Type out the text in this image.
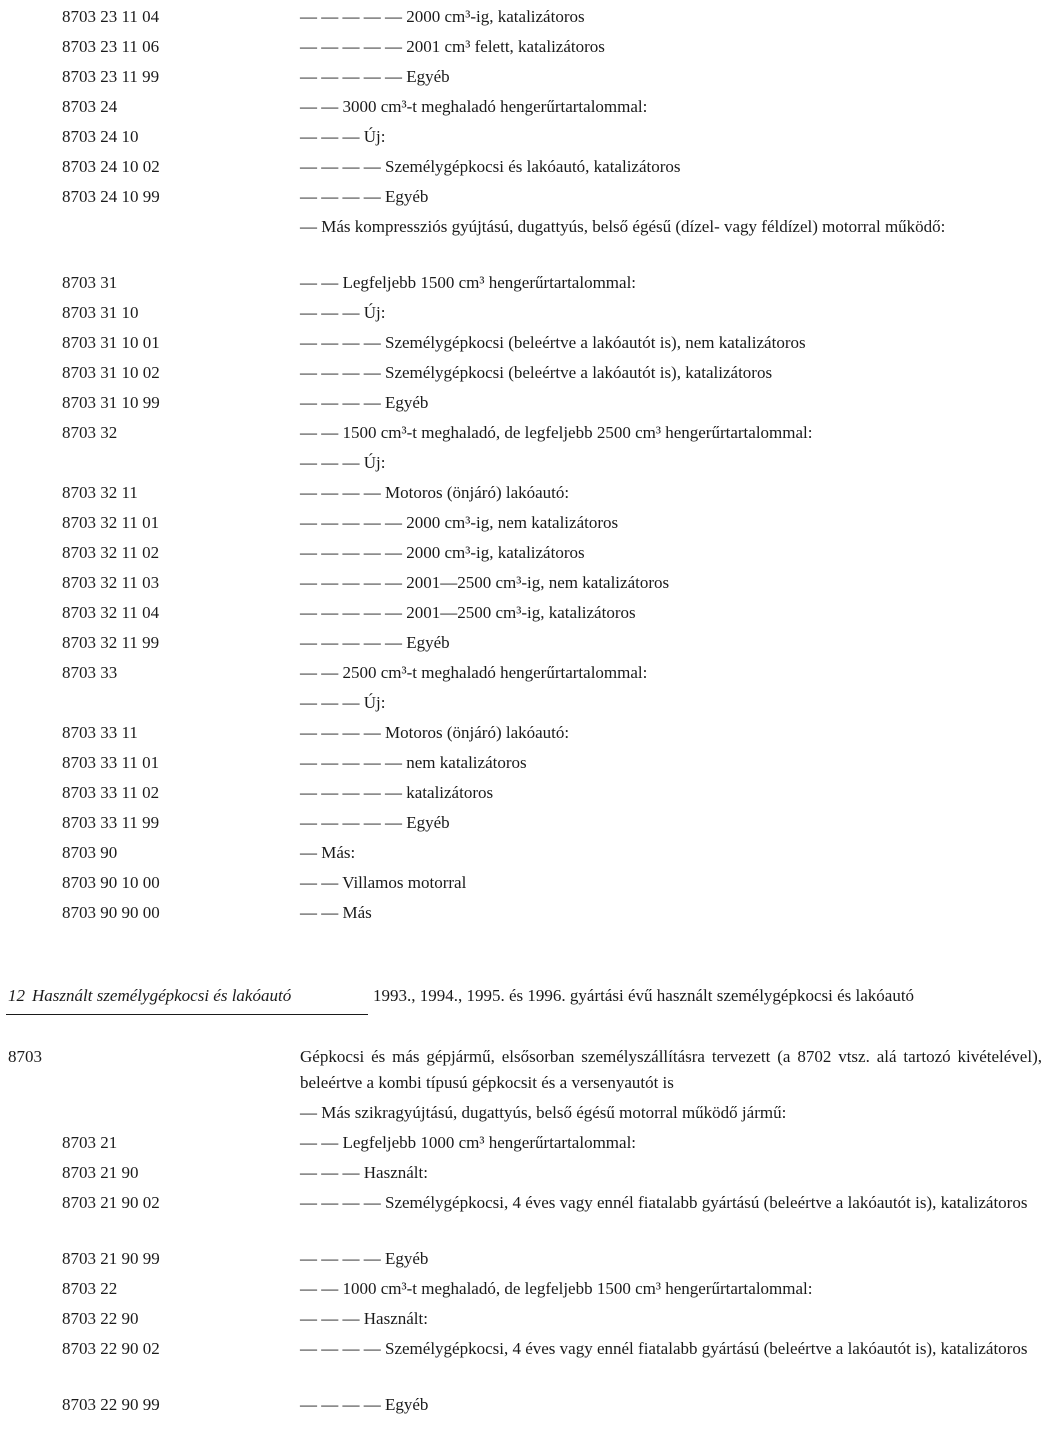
8703 23 11 04	— — — — — 2000 cm³-ig, katalizátoros
8703 23 11 06	— — — — — 2001 cm³ felett, katalizátoros
8703 23 11 99	— — — — — Egyéb
8703 24	— — 3000 cm³-t meghaladó hengerűrtartalommal:
8703 24 10	— — — Új:
8703 24 10 02	— — — — Személygépkocsi és lakóautó, katalizátoros
8703 24 10 99	— — — — Egyéb
— Más kompressziós gyújtású, dugattyús, belső égésű (dízel- vagy féldízel) motorral működő:
8703 31	— — Legfeljebb 1500 cm³ hengerűrtartalommal:
8703 31 10	— — — Új:
8703 31 10 01	— — — — Személygépkocsi (beleértve a lakóautót is), nem katalizátoros
8703 31 10 02	— — — — Személygépkocsi (beleértve a lakóautót is), katalizátoros
8703 31 10 99	— — — — Egyéb
8703 32	— — 1500 cm³-t meghaladó, de legfeljebb 2500 cm³ hengerűrtartalommal:
— — — Új:
8703 32 11	— — — — Motoros (önjáró) lakóautó:
8703 32 11 01	— — — — — 2000 cm³-ig, nem katalizátoros
8703 32 11 02	— — — — — 2000 cm³-ig, katalizátoros
8703 32 11 03	— — — — — 2001—2500 cm³-ig, nem katalizátoros
8703 32 11 04	— — — — — 2001—2500 cm³-ig, katalizátoros
8703 32 11 99	— — — — — Egyéb
8703 33	— — 2500 cm³-t meghaladó hengerűrtartalommal:
— — — Új:
8703 33 11	— — — — Motoros (önjáró) lakóautó:
8703 33 11 01	— — — — — nem katalizátoros
8703 33 11 02	— — — — — katalizátoros
8703 33 11 99	— — — — — Egyéb
8703 90	— Más:
8703 90 10 00	— — Villamos motorral
8703 90 90 00	— — Más
12 Használt személygépkocsi és lakóautó	1993., 1994., 1995. és 1996. gyártási évű használt személygépkocsi és lakóautó
8703	Gépkocsi és más gépjármű, elsősorban személyszállításra tervezett (a 8702 vtsz. alá tartozó kivételével), beleértve a kombi típusú gépkocsit és a versenyautót is
— Más szikragyújtású, dugattyús, belső égésű motorral működő jármű:
8703 21	— — Legfeljebb 1000 cm³ hengerűrtartalommal:
8703 21 90	— — — Használt:
8703 21 90 02	— — — — Személygépkocsi, 4 éves vagy ennél fiatalabb gyártású (beleértve a lakóautót is), katalizátoros
8703 21 90 99	— — — — Egyéb
8703 22	— — 1000 cm³-t meghaladó, de legfeljebb 1500 cm³ hengerűrtartalommal:
8703 22 90	— — — Használt:
8703 22 90 02	— — — — Személygépkocsi, 4 éves vagy ennél fiatalabb gyártású (beleértve a lakóautót is), katalizátoros
8703 22 90 99	— — — — Egyéb
